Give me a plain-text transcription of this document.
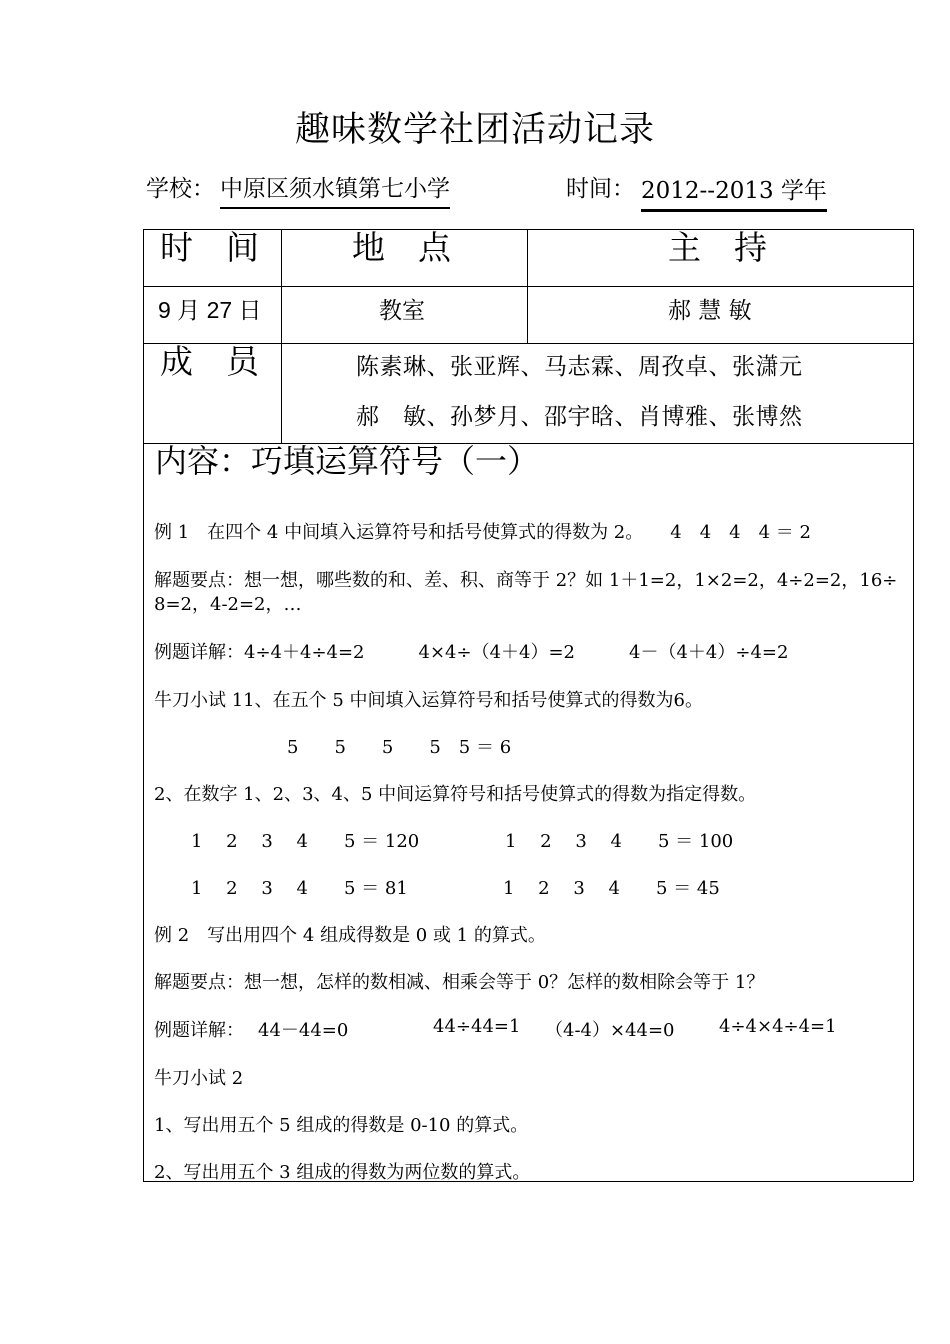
趣味数学社团活动记录
学校： 中原区须水镇第七小学	时间： 2012--2013 学年
时　间	地　点	主　持
9 月 27 日	教室	郝 慧 敏
成　员	陈素琳、张亚辉、马志霖、周孜卓、张潇元
郝　敏、孙梦月、邵宇晗、肖博雅、张博然
内容：巧填运算符号（一）
例 1　在四个 4 中间填入运算符号和括号使算式的得数为 2。　　4　4　4　4 ＝ 2
解题要点：想一想，哪些数的和、差、积、商等于 2？如 1＋1=2，1×2=2，4÷2=2，16÷
8=2，4-2=2，…
例题详解：4÷4＋4÷4=2　　　4×4÷（4＋4）=2　　　4－（4＋4）÷4=2
牛刀小试 11、在五个 5 中间填入运算符号和括号使算式的得数为6。
5　　5　　5　　5　5 ＝ 6
2、在数字 1、2、3、4、5 中间运算符号和括号使算式的得数为指定得数。
1　 2　 3　 4　　5 ＝ 120	1　 2　 3　 4　　5 ＝ 100
1　 2　 3　 4　　5 ＝ 81	1　 2　 3　 4　　5 ＝ 45
例 2　写出用四个 4 组成得数是 0 或 1 的算式。
解题要点：想一想，怎样的数相减、相乘会等于 0？怎样的数相除会等于 1？
例题详解： 44－44=0	44÷44=1 （4-4）×44=0 4÷4×4÷4=1
牛刀小试 2
1、写出用五个 5 组成的得数是 0-10 的算式。
2、写出用五个 3 组成的得数为两位数的算式。
